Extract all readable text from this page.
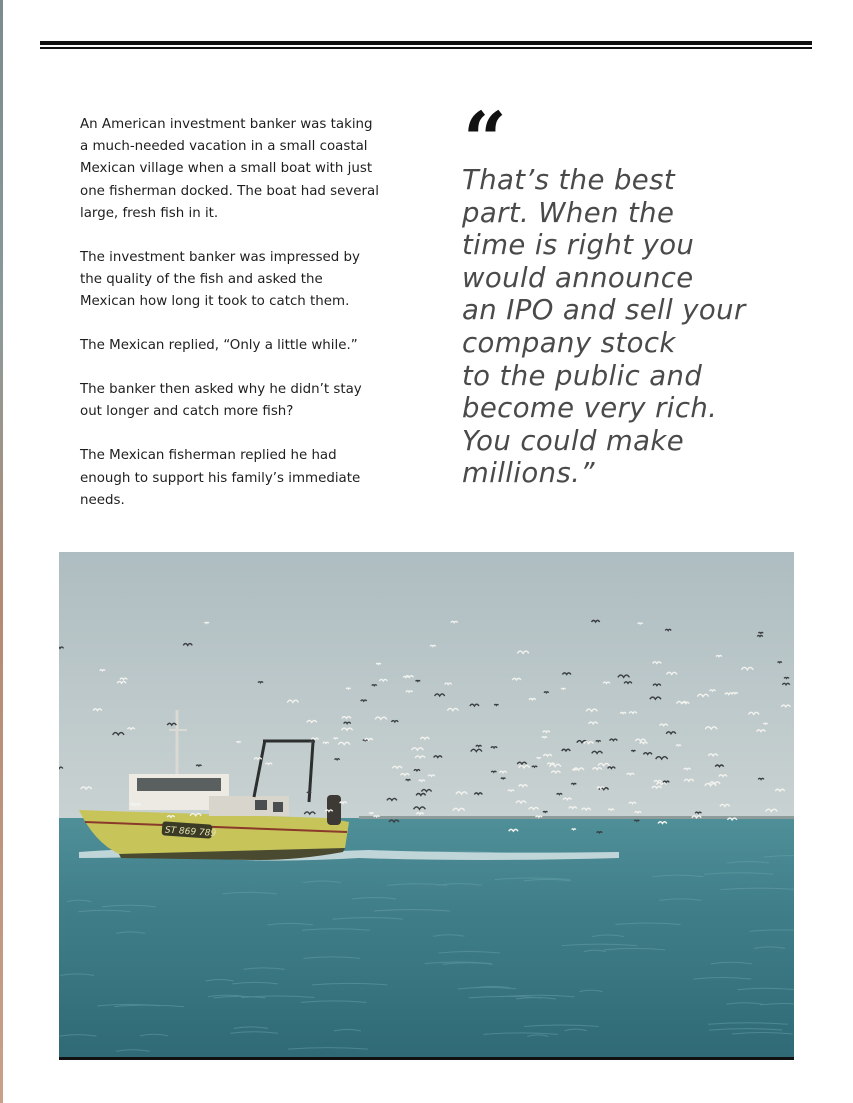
An American investment banker was taking a much-needed vacation in a small coastal Mexican village when a small boat with just one fisherman docked. The boat had several large, fresh fish in it.

The investment banker was impressed by the quality of the fish and asked the Mexican how long it took to catch them.

The Mexican replied, “Only a little while.”

The banker then asked why he didn’t stay out longer and catch more fish?

The Mexican fisherman replied he had enough to support his family’s immediate needs.

“
That’s the best
part. When the
time is right you
would announce
an IPO and sell your
company stock
to the public and
become very rich.
You could make
millions.”
ST 869 789
